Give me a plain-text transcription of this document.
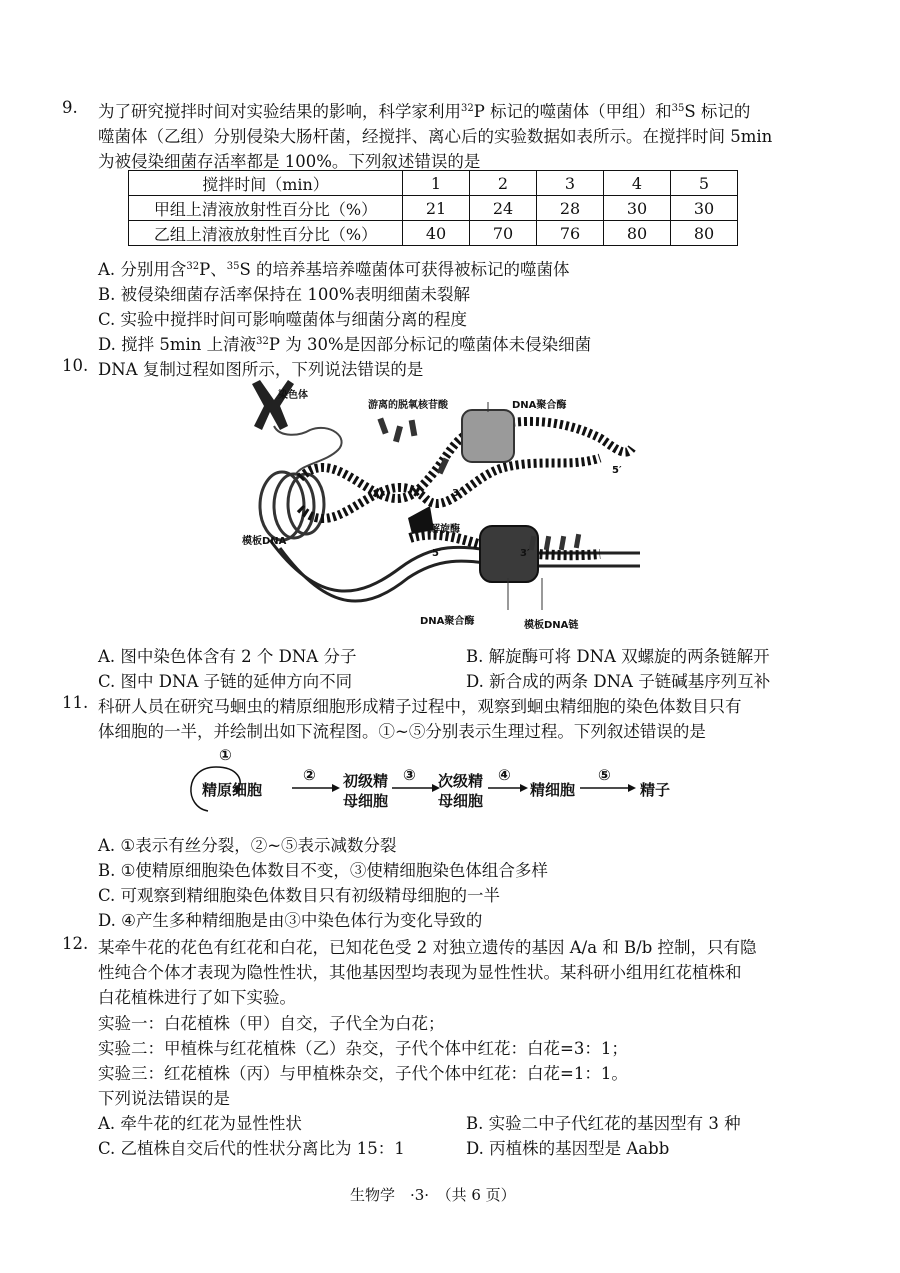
9. 为了研究搅拌时间对实验结果的影响，科学家利用$^{32}$P 标记的噬菌体（甲组）和$^{35}$S 标记的
噬菌体（乙组）分别侵染大肠杆菌，经搅拌、离心后的实验数据如表所示。在搅拌时间 5min
为被侵染细菌存活率都是 100%。下列叙述错误的是
搅拌时间（min）	1	2	3	4	5
甲组上清液放射性百分比（%）	21	24	28	30	30
乙组上清液放射性百分比（%）	40	70	76	80	80
A. 分别用含$^{32}$P、$^{35}$S 的培养基培养噬菌体可获得被标记的噬菌体
B. 被侵染细菌存活率保持在 100%表明细菌未裂解
C. 实验中搅拌时间可影响噬菌体与细菌分离的程度
D. 搅拌 5min 上清液$^{32}$P 为 30%是因部分标记的噬菌体未侵染细菌
10. DNA 复制过程如图所示，下列说法错误的是
染色体
游离的脱氧核苷酸	DNA聚合酶
模板DNA
解旋酶
DNA聚合酶	模板DNA链
5′
3′
5′	3′
A. 图中染色体含有 2 个 DNA 分子	B. 解旋酶可将 DNA 双螺旋的两条链解开
C. 图中 DNA 子链的延伸方向不同	D. 新合成的两条 DNA 子链碱基序列互补
11. 科研人员在研究马蛔虫的精原细胞形成精子过程中，观察到蛔虫精细胞的染色体数目只有
体细胞的一半，并绘制出如下流程图。①~⑤分别表示生理过程。下列叙述错误的是
①
精原细胞
② 初级精
母细胞
③ 次级精
母细胞
④
精细胞
⑤
精子
A. ①表示有丝分裂，②~⑤表示减数分裂
B. ①使精原细胞染色体数目不变，③使精细胞染色体组合多样
C. 可观察到精细胞染色体数目只有初级精母细胞的一半
D. ④产生多种精细胞是由③中染色体行为变化导致的
12. 某牵牛花的花色有红花和白花，已知花色受 2 对独立遗传的基因 A/a 和 B/b 控制，只有隐
性纯合个体才表现为隐性性状，其他基因型均表现为显性性状。某科研小组用红花植株和
白花植株进行了如下实验。
实验一：白花植株（甲）自交，子代全为白花；
实验二：甲植株与红花植株（乙）杂交，子代个体中红花：白花=3：1；
实验三：红花植株（丙）与甲植株杂交，子代个体中红花：白花=1：1。
下列说法错误的是
A. 牵牛花的红花为显性性状	B. 实验二中子代红花的基因型有 3 种
C. 乙植株自交后代的性状分离比为 15：1	D. 丙植株的基因型是 Aabb
生物学　·3·　（共 6 页）
